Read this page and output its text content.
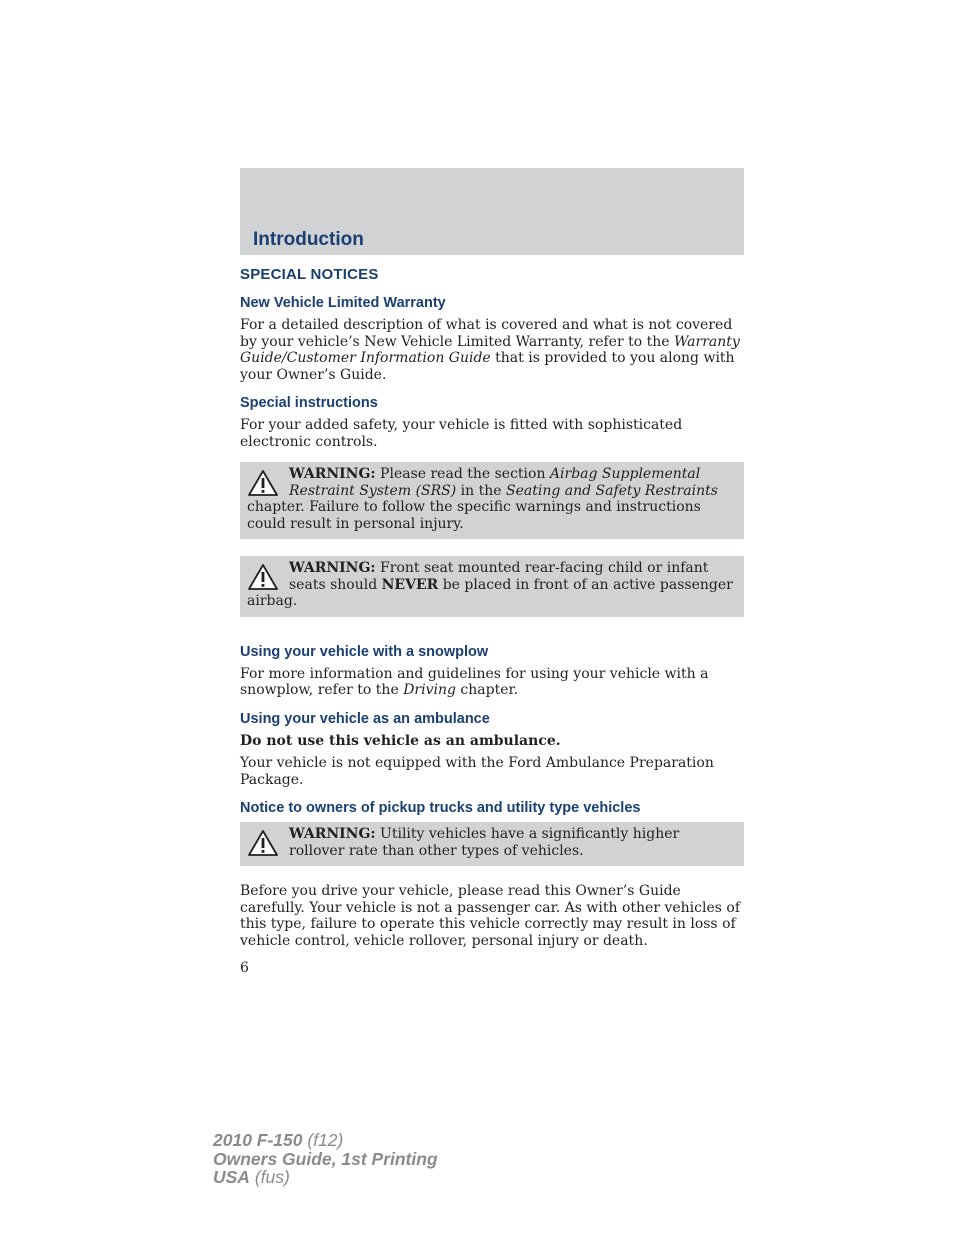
Introduction
SPECIAL NOTICES
New Vehicle Limited Warranty

For a detailed description of what is covered and what is not covered by your vehicle’s New Vehicle Limited Warranty, refer to the Warranty Guide/Customer Information Guide that is provided to you along with your Owner’s Guide.

Special instructions

For your added safety, your vehicle is fitted with sophisticated electronic controls.

WARNING: Please read the section Airbag Supplemental Restraint System (SRS) in the Seating and Safety Restraints chapter. Failure to follow the specific warnings and instructions could result in personal injury.
WARNING: Front seat mounted rear-facing child or infant seats should NEVER be placed in front of an active passenger airbag.
Using your vehicle with a snowplow

For more information and guidelines for using your vehicle with a snowplow, refer to the Driving chapter.

Using your vehicle as an ambulance

Do not use this vehicle as an ambulance.

Your vehicle is not equipped with the Ford Ambulance Preparation Package.

Notice to owners of pickup trucks and utility type vehicles
WARNING: Utility vehicles have a significantly higher rollover rate than other types of vehicles.

Before you drive your vehicle, please read this Owner’s Guide carefully. Your vehicle is not a passenger car. As with other vehicles of this type, failure to operate this vehicle correctly may result in loss of vehicle control, vehicle rollover, personal injury or death.

6

2010 F-150 (f12)
Owners Guide, 1st Printing
USA (fus)
